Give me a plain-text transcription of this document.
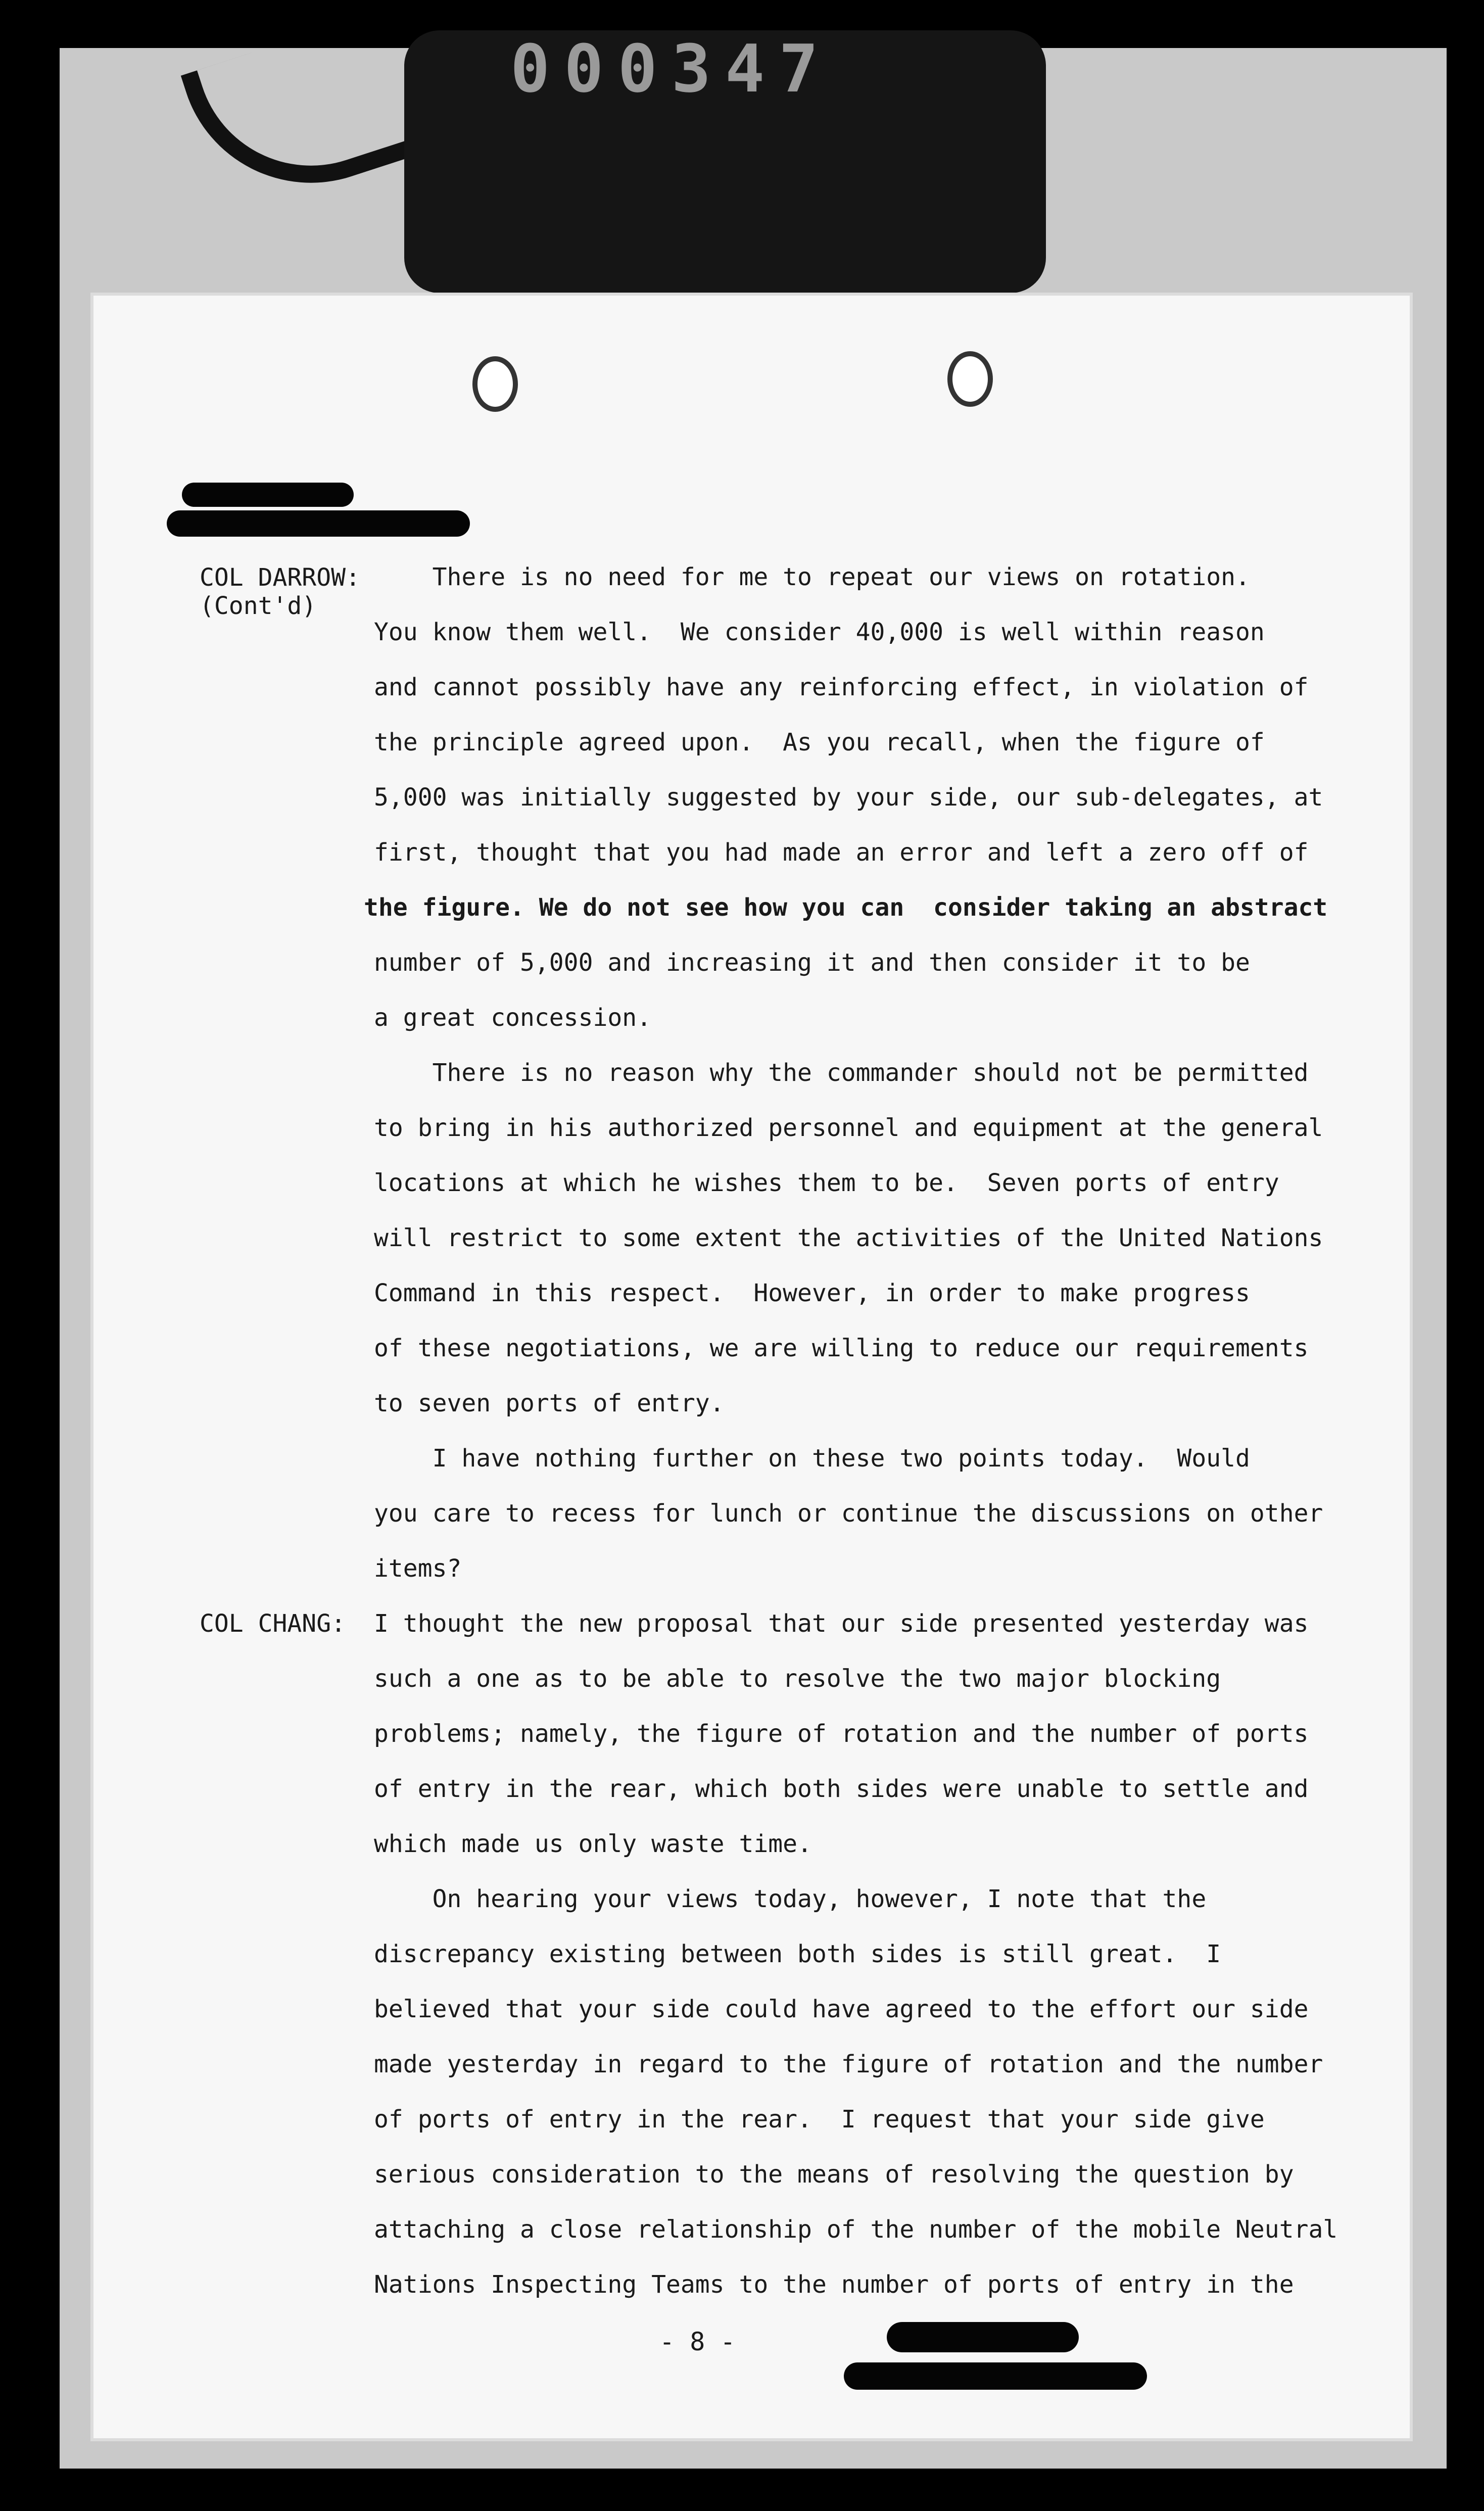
000347
COL DARROW:
(Cont'd)
There is no need for me to repeat our views on rotation.
You know them well.  We consider 40,000 is well within reason
and cannot possibly have any reinforcing effect, in violation of
the principle agreed upon.  As you recall, when the figure of
5,000 was initially suggested by your side, our sub-delegates, at
first, thought that you had made an error and left a zero off of
the figure. We do not see how you can  consider taking an abstract
number of 5,000 and increasing it and then consider it to be
a great concession.
There is no reason why the commander should not be permitted
to bring in his authorized personnel and equipment at the general
locations at which he wishes them to be.  Seven ports of entry
will restrict to some extent the activities of the United Nations
Command in this respect.  However, in order to make progress
of these negotiations, we are willing to reduce our requirements
to seven ports of entry.
I have nothing further on these two points today.  Would
you care to recess for lunch or continue the discussions on other
items?
COL CHANG: I thought the new proposal that our side presented yesterday was
such a one as to be able to resolve the two major blocking
problems; namely, the figure of rotation and the number of ports
of entry in the rear, which both sides were unable to settle and
which made us only waste time.
On hearing your views today, however, I note that the
discrepancy existing between both sides is still great.  I
believed that your side could have agreed to the effort our side
made yesterday in regard to the figure of rotation and the number
of ports of entry in the rear.  I request that your side give
serious consideration to the means of resolving the question by
attaching a close relationship of the number of the mobile Neutral
Nations Inspecting Teams to the number of ports of entry in the
- 8 -
